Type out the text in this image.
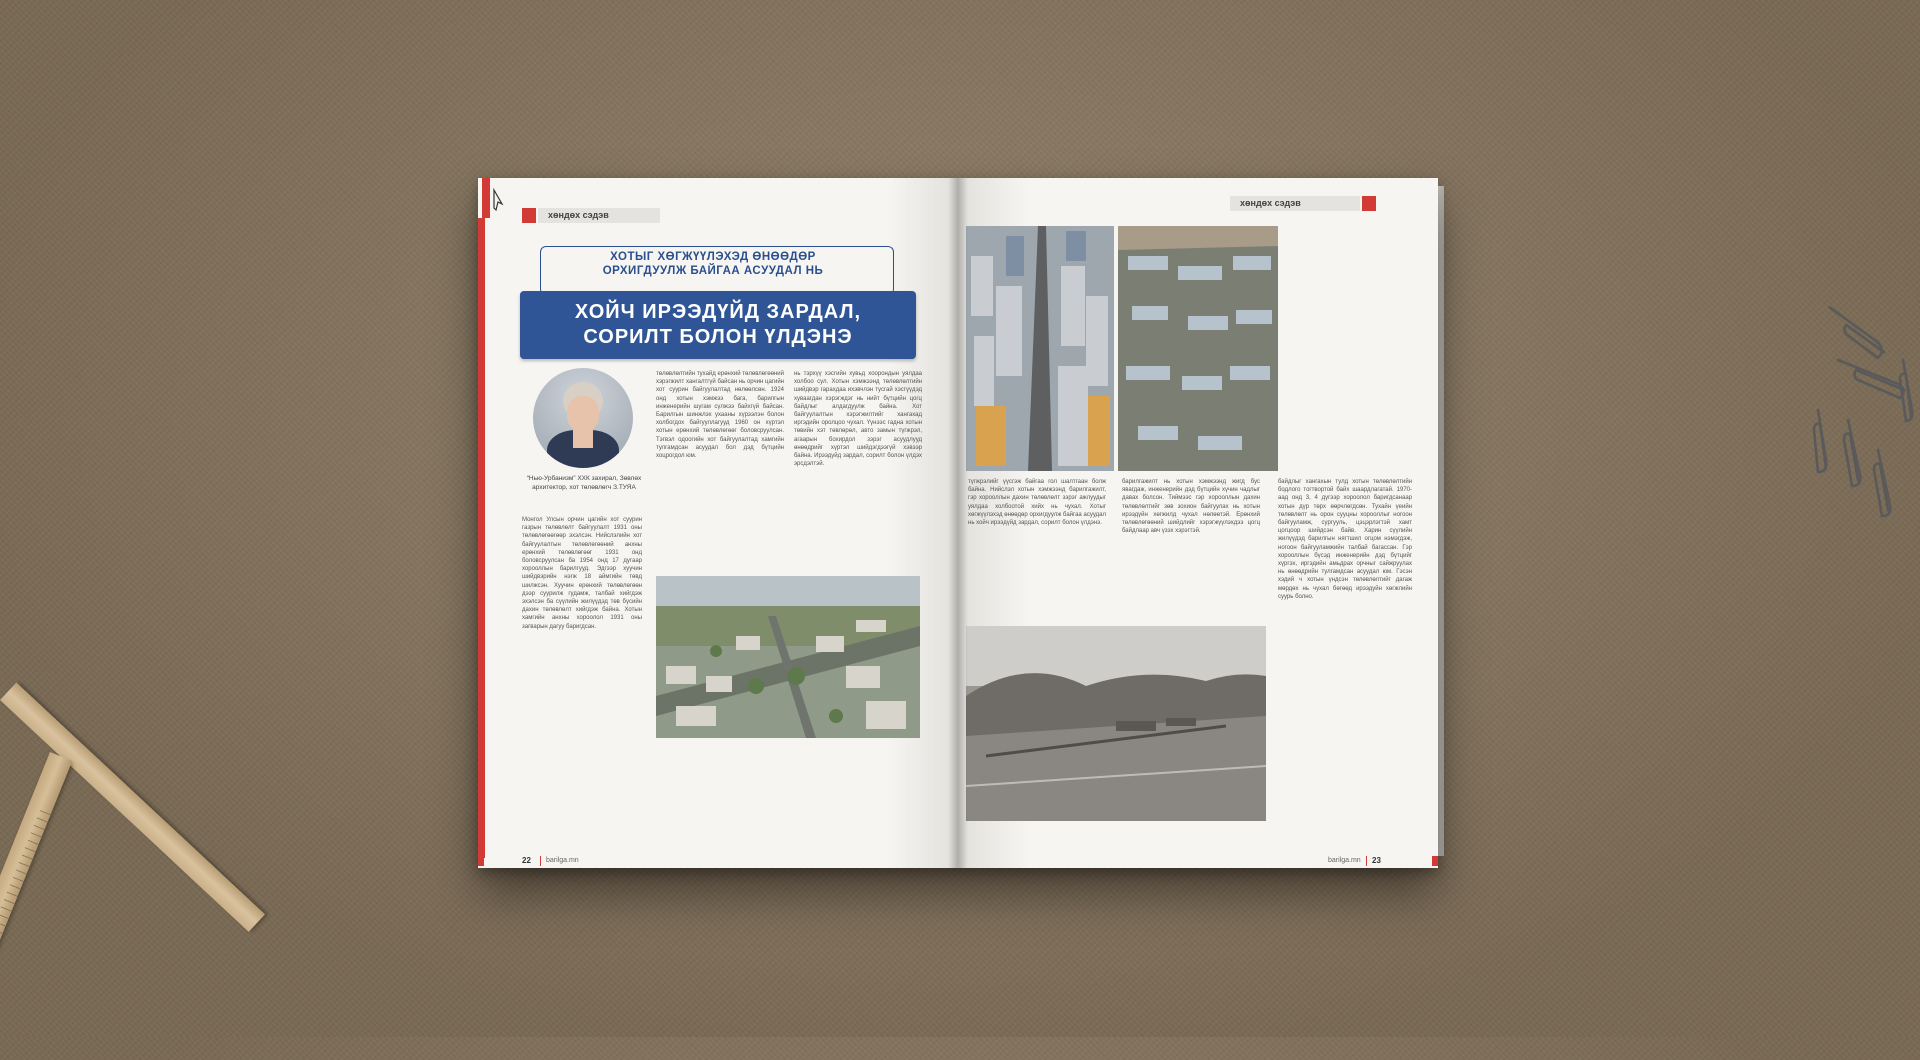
хөндөх сэдэв
ХОТЫГ ХӨГЖҮҮЛЭХЭД ӨНӨӨДӨР ОРХИГДУУЛЖ БАЙГАА АСУУДАЛ НЬ
ХОЙЧ ИРЭЭДҮЙД ЗАРДАЛ,
СОРИЛТ БОЛОН ҮЛДЭНЭ
“Нью-Урбанизм” ХХК захирал, Зөвлөх архитектор, хот төлөвлөгч З.ТУЯА

Монгол Улсын орчин цагийн хот суурин газрын төлөвлөлт байгуулалт 1931 оны төлөвлөгөөгөөр эхэлсэн. Нийслэлийн хот байгуулалтын төлөвлөгөөний анхны ерөнхий төлөвлөгөөг 1931 онд боловсруулсан ба 1954 онд 17 дугаар хорооллын барилгууд. Эдгээр хуучин шийдвэрийн нэгж 18 аймгийн төвд шилжсэн. Хуучин ерөнхий төлөвлөгөөн дээр суурилж гудамж, талбай хийгдэж эхэлсэн ба сүүлийн жилүүдэд төв бүсийн дахин төлөвлөлт хийгдэж байна. Хотын хамгийн анхны хороолол 1931 оны загварын дагуу баригдсан.

төлөвлөлтийн тухайд ерөнхий төлөвлөгөөний хэрэгжилт хангалтгүй байсан нь орчин цагийн хот суурин байгуулалтад нөлөөлсөн. 1924 онд хотын хэмжээ бага, барилгын инженерийн шугам сүлжээ байхгүй байсан. Барилгын шинжлэх ухааны хүрээлэн болон холбогдох байгууллагууд 1960 он хүртэл хотын ерөнхий төлөвлөгөөг боловсруулсан. Тэгвэл одоогийн хот байгуулалтад хамгийн тулгамдсан асуудал бол дэд бүтцийн хоцрогдол юм.

нь тэрхүү хэсгийн хувьд хоорондын уялдаа холбоо сул. Хотын хэмжээнд төлөвлөлтийн шийдвэр гарахдаа ихэвчлэн тусгай хэсгүүдэд хуваагдан хэрэгждэг нь нийт бүтцийн цогц байдлыг алдагдуулж байна. Хот байгуулалтын хэрэгжилтийг хангахад иргэдийн оролцоо чухал. Үүнээс гадна хотын төвийн хэт төвлөрөл, авто замын түгжрэл, агаарын бохирдол зэрэг асуудлууд өнөөдрийг хүртэл шийдэгдээгүй хэвээр байна. Ирээдүйд зардал, сорилт болон үлдэх эрсдэлтэй.

22 barilga.mn
хөндөх сэдэв

түгжрэлийг үүсгэж байгаа гол шалтгаан болж байна. Нийслэл хотын хэмжээнд барилгажилт, гэр хорооллын дахин төлөвлөлт зэрэг ажлуудыг уялдаа холбоотой хийх нь чухал. Хотыг хөгжүүлэхэд өнөөдөр орхигдуулж байгаа асуудал нь хойч ирээдүйд зардал, сорилт болон үлдэнэ.

барилгажилт нь хотын хэмжээнд жигд бус явагдаж, инженерийн дэд бүтцийн хүчин чадлыг давах болсон. Тиймээс гэр хорооллын дахин төлөвлөлтийг зөв зохион байгуулах нь хотын ирээдүйн хөгжилд чухал нөлөөтэй. Ерөнхий төлөвлөгөөний шийдлийг хэрэгжүүлэхдээ цогц байдлаар авч үзэх хэрэгтэй.

байдлыг хангахын тулд хотын төлөвлөлтийн бодлого тогтвортой байх шаардлагатай. 1970-аад онд 3, 4 дүгээр хороолол баригдсанаар хотын дүр төрх өөрчлөгдсөн. Тухайн үеийн төлөвлөлт нь орон сууцны хорооллыг ногоон байгууламж, сургууль, цэцэрлэгтэй хамт цогцоор шийдсэн байв. Харин сүүлийн жилүүдэд барилгын нягтшил огцом нэмэгдэж, ногоон байгууламжийн талбай багассан. Гэр хорооллын бүсэд инженерийн дэд бүтцийг хүргэх, иргэдийн амьдрах орчныг сайжруулах нь өнөөдрийн тулгамдсан асуудал юм. Гэсэн хэдий ч хотын үндсэн төлөвлөлтийг дагаж мөрдөх нь чухал бөгөөд ирээдүйн хөгжлийн суурь болно.

barilga.mn 23
